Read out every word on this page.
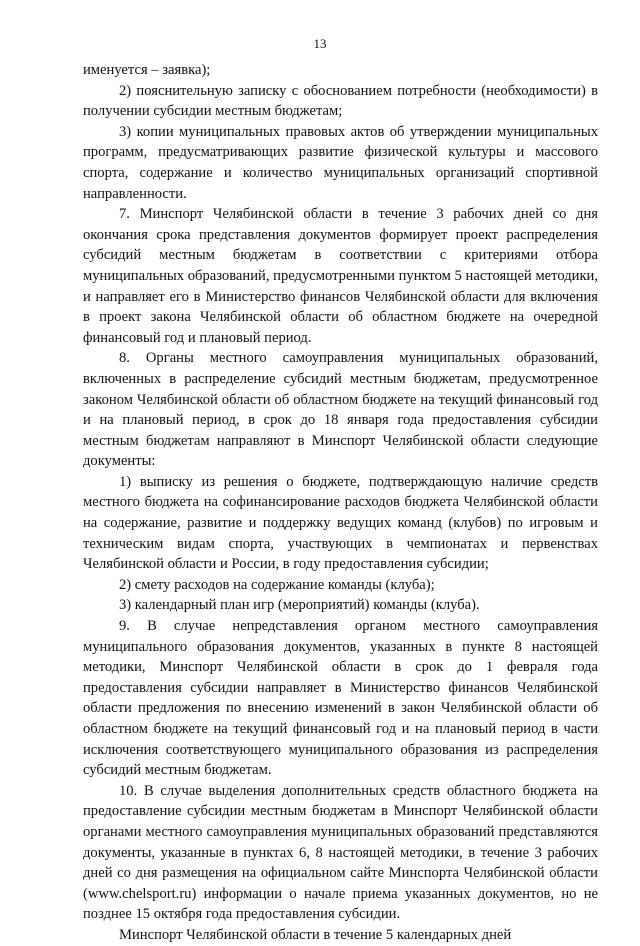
13

именуется – заявка);

2) пояснительную записку с обоснованием потребности (необходимости) в получении субсидии местным бюджетам;

3) копии муниципальных правовых актов об утверждении муниципальных программ, предусматривающих развитие физической культуры и массового спорта, содержание и количество муниципальных организаций спортивной направленности.

7. Минспорт Челябинской области в течение 3 рабочих дней со дня окончания срока представления документов формирует проект распределения субсидий местным бюджетам в соответствии с критериями отбора муниципальных образований, предусмотренными пунктом 5 настоящей методики, и направляет его в Министерство финансов Челябинской области для включения в проект закона Челябинской области об областном бюджете на очередной финансовый год и плановый период.

8. Органы местного самоуправления муниципальных образований, включенных в распределение субсидий местным бюджетам, предусмотренное законом Челябинской области об областном бюджете на текущий финансовый год и на плановый период, в срок до 18 января года предоставления субсидии местным бюджетам направляют в Минспорт Челябинской области следующие документы:

1) выписку из решения о бюджете, подтверждающую наличие средств местного бюджета на софинансирование расходов бюджета Челябинской области на содержание, развитие и поддержку ведущих команд (клубов) по игровым и техническим видам спорта, участвующих в чемпионатах и первенствах Челябинской области и России, в году предоставления субсидии;

2) смету расходов на содержание команды (клуба);

3) календарный план игр (мероприятий) команды (клуба).

9. В случае непредставления органом местного самоуправления муниципального образования документов, указанных в пункте 8 настоящей методики, Минспорт Челябинской области в срок до 1 февраля года предоставления субсидии направляет в Министерство финансов Челябинской области предложения по внесению изменений в закон Челябинской области об областном бюджете на текущий финансовый год и на плановый период в части исключения соответствующего муниципального образования из распределения субсидий местным бюджетам.

10. В случае выделения дополнительных средств областного бюджета на предоставление субсидии местным бюджетам в Минспорт Челябинской области органами местного самоуправления муниципальных образований представляются документы, указанные в пунктах 6, 8 настоящей методики, в течение 3 рабочих дней со дня размещения на официальном сайте Минспорта Челябинской области (www.chelsport.ru) информации о начале приема указанных документов, но не позднее 15 октября года предоставления субсидии.

Минспорт Челябинской области в течение 5 календарных дней
